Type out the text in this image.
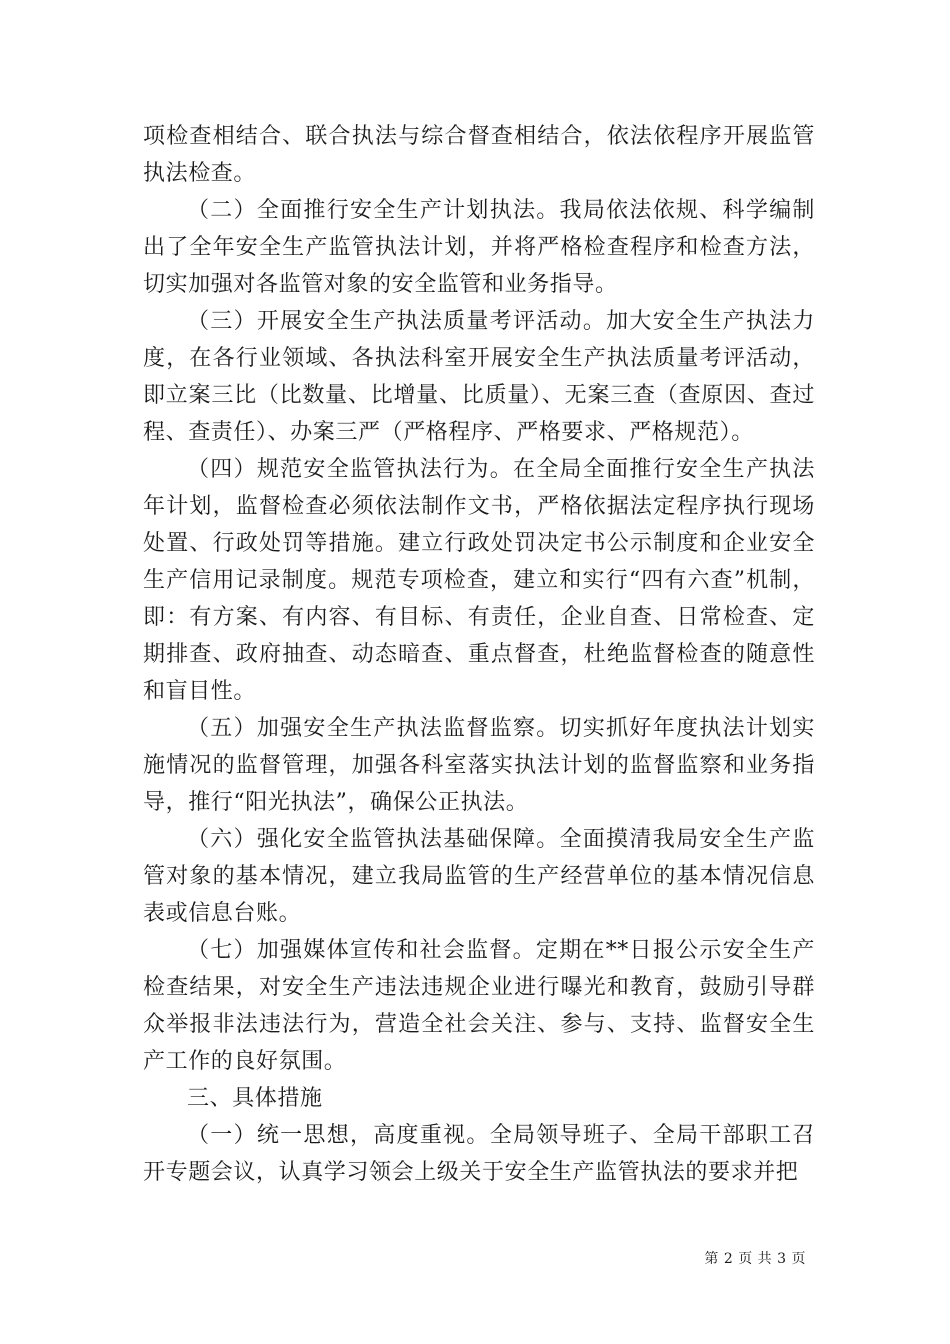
项检查相结合、联合执法与综合督查相结合，依法依程序开展监管执法检查。

（二）全面推行安全生产计划执法。我局依法依规、科学编制出了全年安全生产监管执法计划，并将严格检查程序和检查方法，切实加强对各监管对象的安全监管和业务指导。

（三）开展安全生产执法质量考评活动。加大安全生产执法力度，在各行业领域、各执法科室开展安全生产执法质量考评活动，即立案三比（比数量、比增量、比质量）、无案三查（查原因、查过程、查责任）、办案三严（严格程序、严格要求、严格规范）。

（四）规范安全监管执法行为。在全局全面推行安全生产执法年计划，监督检查必须依法制作文书，严格依据法定程序执行现场处置、行政处罚等措施。建立行政处罚决定书公示制度和企业安全生产信用记录制度。规范专项检查，建立和实行“四有六查”机制，即：有方案、有内容、有目标、有责任，企业自查、日常检查、定期排查、政府抽查、动态暗查、重点督查，杜绝监督检查的随意性和盲目性。

（五）加强安全生产执法监督监察。切实抓好年度执法计划实施情况的监督管理，加强各科室落实执法计划的监督监察和业务指导，推行“阳光执法”，确保公正执法。

（六）强化安全监管执法基础保障。全面摸清我局安全生产监管对象的基本情况，建立我局监管的生产经营单位的基本情况信息表或信息台账。

（七）加强媒体宣传和社会监督。定期在**日报公示安全生产检查结果，对安全生产违法违规企业进行曝光和教育，鼓励引导群众举报非法违法行为，营造全社会关注、参与、支持、监督安全生产工作的良好氛围。

三、具体措施

（一）统一思想，高度重视。全局领导班子、全局干部职工召开专题会议，认真学习领会上级关于安全生产监管执法的要求并把

第 2 页 共 3 页
